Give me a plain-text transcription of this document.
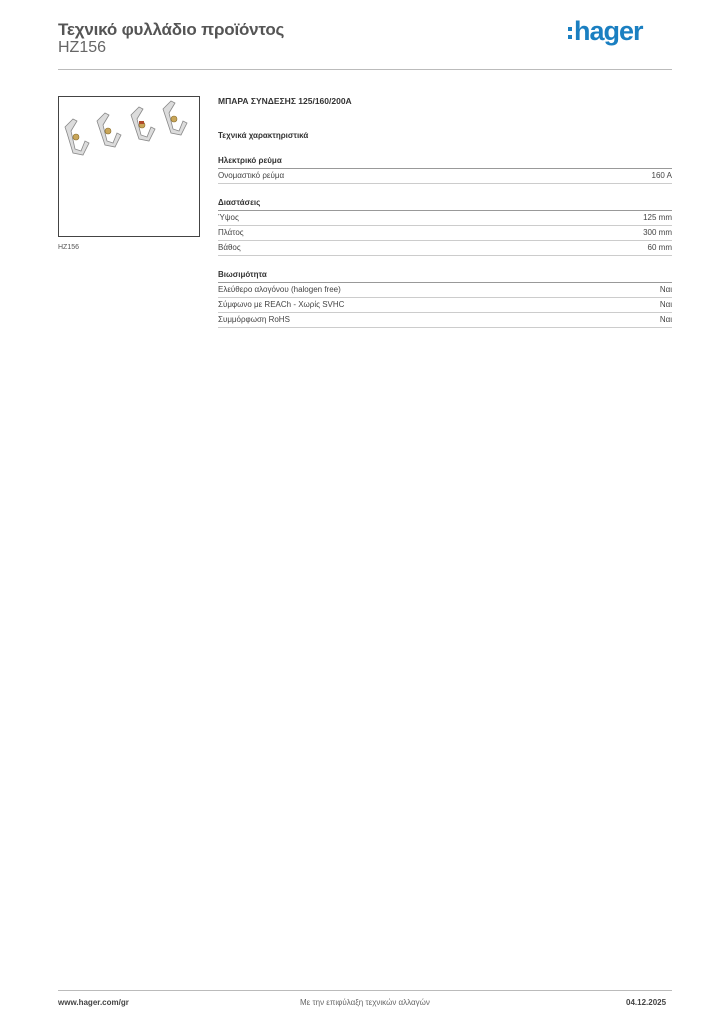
Τεχνικό φυλλάδιο προϊόντος
HZ156
hager
HZ156
ΜΠΑΡΑ ΣΥΝΔΕΣΗΣ 125/160/200A
Τεχνικά χαρακτηριστικά
Ηλεκτρικό ρεύμα
Ονομαστικό ρεύμα	160 A
Διαστάσεις
Ύψος	125 mm
Πλάτος	300 mm
Βάθος	60 mm
Βιωσιμότητα
Ελεύθερο αλογόνου (halogen free)	Ναι
Σύμφωνο με REACh - Χωρίς SVHC	Ναι
Συμμόρφωση RoHS	Ναι
www.hager.com/gr	Με την επιφύλαξη τεχνικών αλλαγών	04.12.2025
